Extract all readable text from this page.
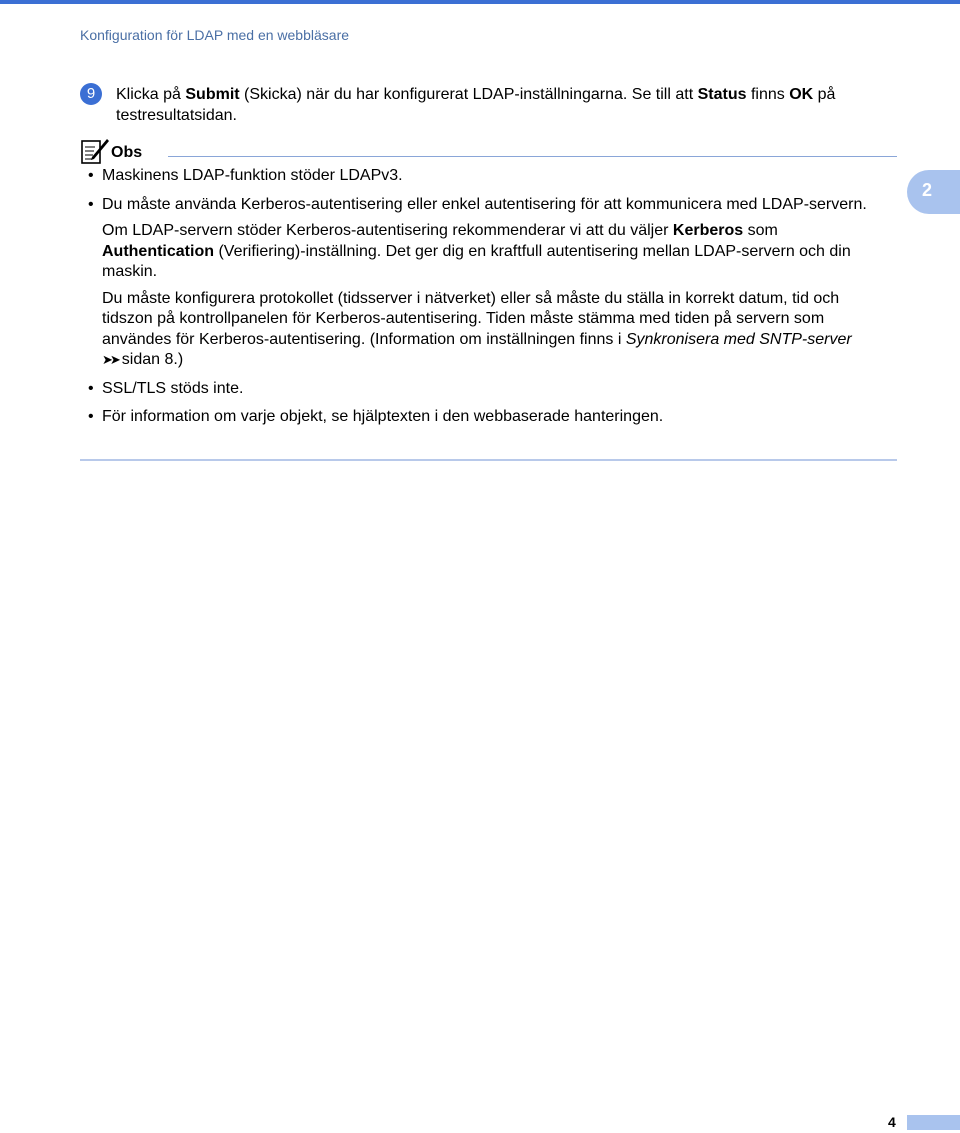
Konfiguration för LDAP med en webbläsare
9	Klicka på Submit (Skicka) när du har konfigurerat LDAP-inställningarna. Se till att Status finns OK på testresultatsidan.
Obs
• Maskinens LDAP-funktion stöder LDAPv3.
• Du måste använda Kerberos-autentisering eller enkel autentisering för att kommunicera med LDAP-servern.
Om LDAP-servern stöder Kerberos-autentisering rekommenderar vi att du väljer Kerberos som Authentication (Verifiering)-inställning. Det ger dig en kraftfull autentisering mellan LDAP-servern och din maskin.
Du måste konfigurera protokollet (tidsserver i nätverket) eller så måste du ställa in korrekt datum, tid och tidszon på kontrollpanelen för Kerberos-autentisering. Tiden måste stämma med tiden på servern som användes för Kerberos-autentisering. (Information om inställningen finns i Synkronisera med SNTP-server
➤➤ sidan 8.)
• SSL/TLS stöds inte.
• För information om varje objekt, se hjälptexten i den webbaserade hanteringen.
2
4
